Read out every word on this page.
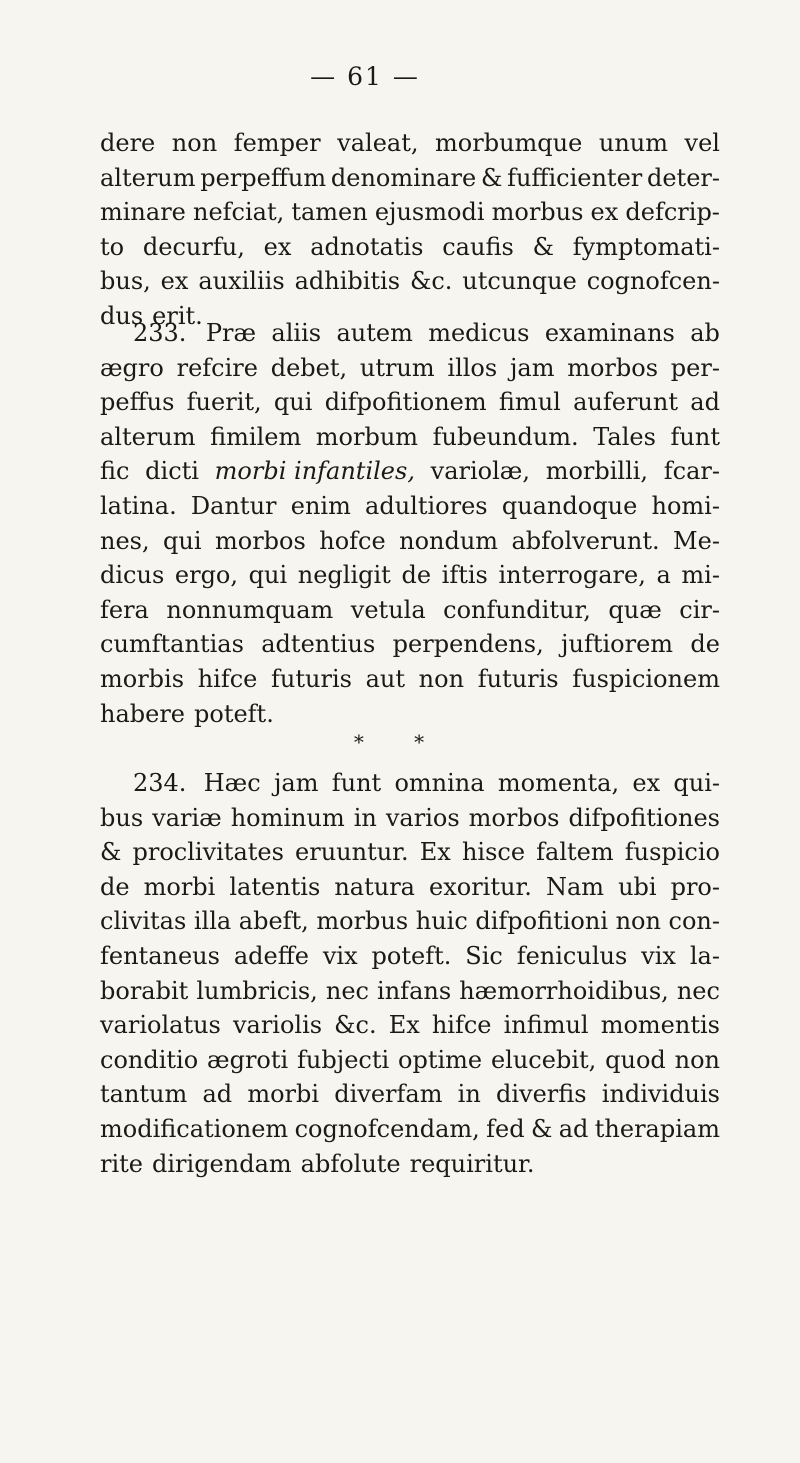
— 61 —
dere non femper valeat, morbumque unum vel
alterum perpeffum denominare & fufficienter deter-
minare nefciat, tamen ejusmodi morbus ex defcrip-
to decurfu, ex adnotatis caufis & fymptomati-
bus, ex auxiliis adhibitis &c. utcunque cognofcen-
dus erit.
233. Præ aliis autem medicus examinans ab
ægro refcire debet, utrum illos jam morbos per-
peffus fuerit, qui difpofitionem fimul auferunt ad
alterum fimilem morbum fubeundum. Tales funt
fic dicti morbi infantiles, variolæ, morbilli, fcar-
latina. Dantur enim adultiores quandoque homi-
nes, qui morbos hofce nondum abfolverunt. Me-
dicus ergo, qui negligit de iftis interrogare, a mi-
fera nonnumquam vetula confunditur, quæ cir-
cumftantias adtentius perpendens, juftiorem de
morbis hifce futuris aut non futuris fuspicionem
habere poteft.
* *
234. Hæc jam funt omnina momenta, ex qui-
bus variæ hominum in varios morbos difpofitiones
& proclivitates eruuntur. Ex hisce faltem fuspicio
de morbi latentis natura exoritur. Nam ubi pro-
clivitas illa abeft, morbus huic difpofitioni non con-
fentaneus adeffe vix poteft. Sic feniculus vix la-
borabit lumbricis, nec infans hæmorrhoidibus, nec
variolatus variolis &c. Ex hifce infimul momentis
conditio ægroti fubjecti optime elucebit, quod non
tantum ad morbi diverfam in diverfis individuis
modificationem cognofcendam, fed & ad therapiam
rite dirigendam abfolute requiritur.
